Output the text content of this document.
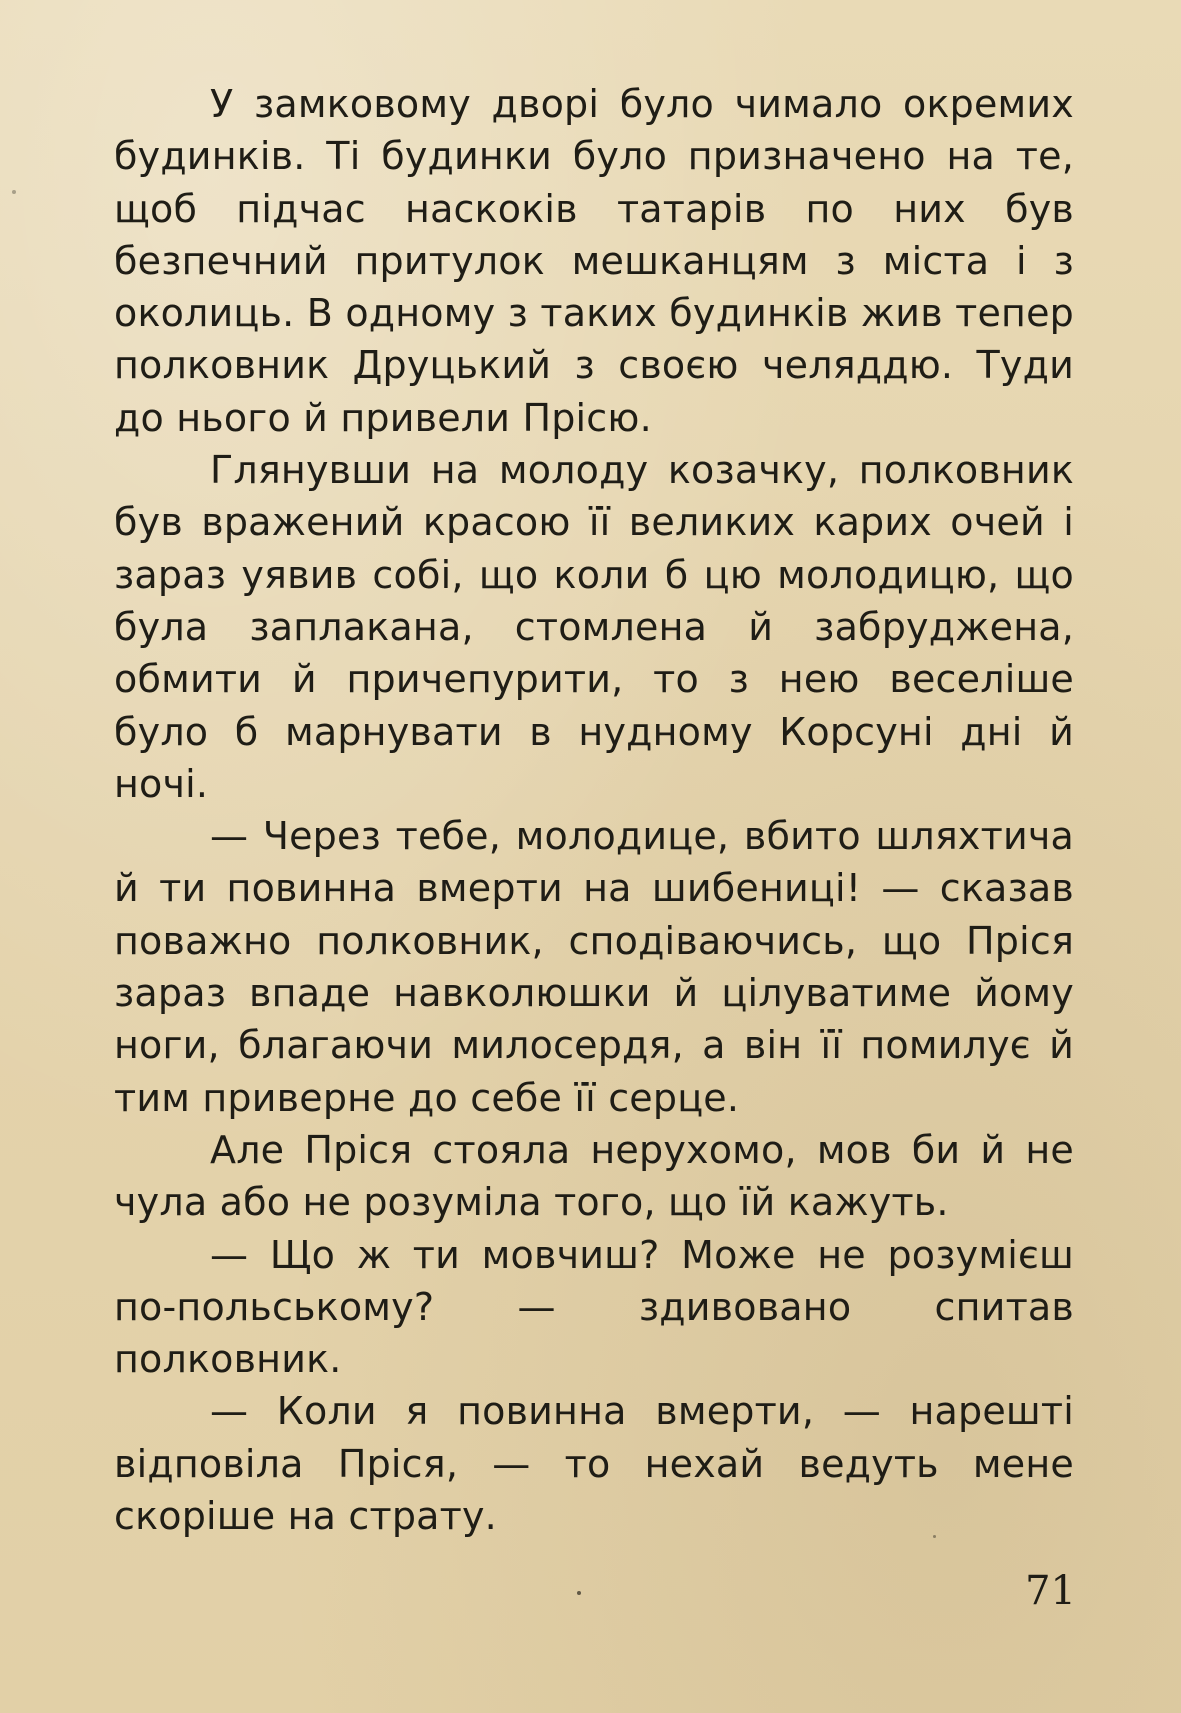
У замковому дворі було чимало окремих будинків. Ті будинки було призначено на те, щоб підчас наскоків татарів по них був безпечний притулок мешканцям з міста і з околиць. В одному з таких будинків жив тепер полковник Друцький з своєю челяддю. Туди до нього й привели Прісю.

Глянувши на молоду козачку, полковник був вражений красою її великих карих очей і зараз уявив собі, що коли б цю молодицю, що була заплакана, стомлена й забруджена, обмити й причепурити, то з нею веселіше було б марнувати в нудному Корсуні дні й ночі.

— Через тебе, молодице, вбито шляхтича й ти повинна вмерти на шибениці! — сказав поважно полковник, сподіваючись, що Пріся зараз впаде навколюшки й цілуватиме йому ноги, благаючи милосердя, а він її помилує й тим приверне до себе її серце.

Але Пріся стояла нерухомо, мов би й не чула або не розуміла того, що їй кажуть.

— Що ж ти мовчиш? Може не розумієш по-польському? — здивовано спитав полковник.

— Коли я повинна вмерти, — нарешті відповіла Пріся, — то нехай ведуть мене скоріше на страту.

71
